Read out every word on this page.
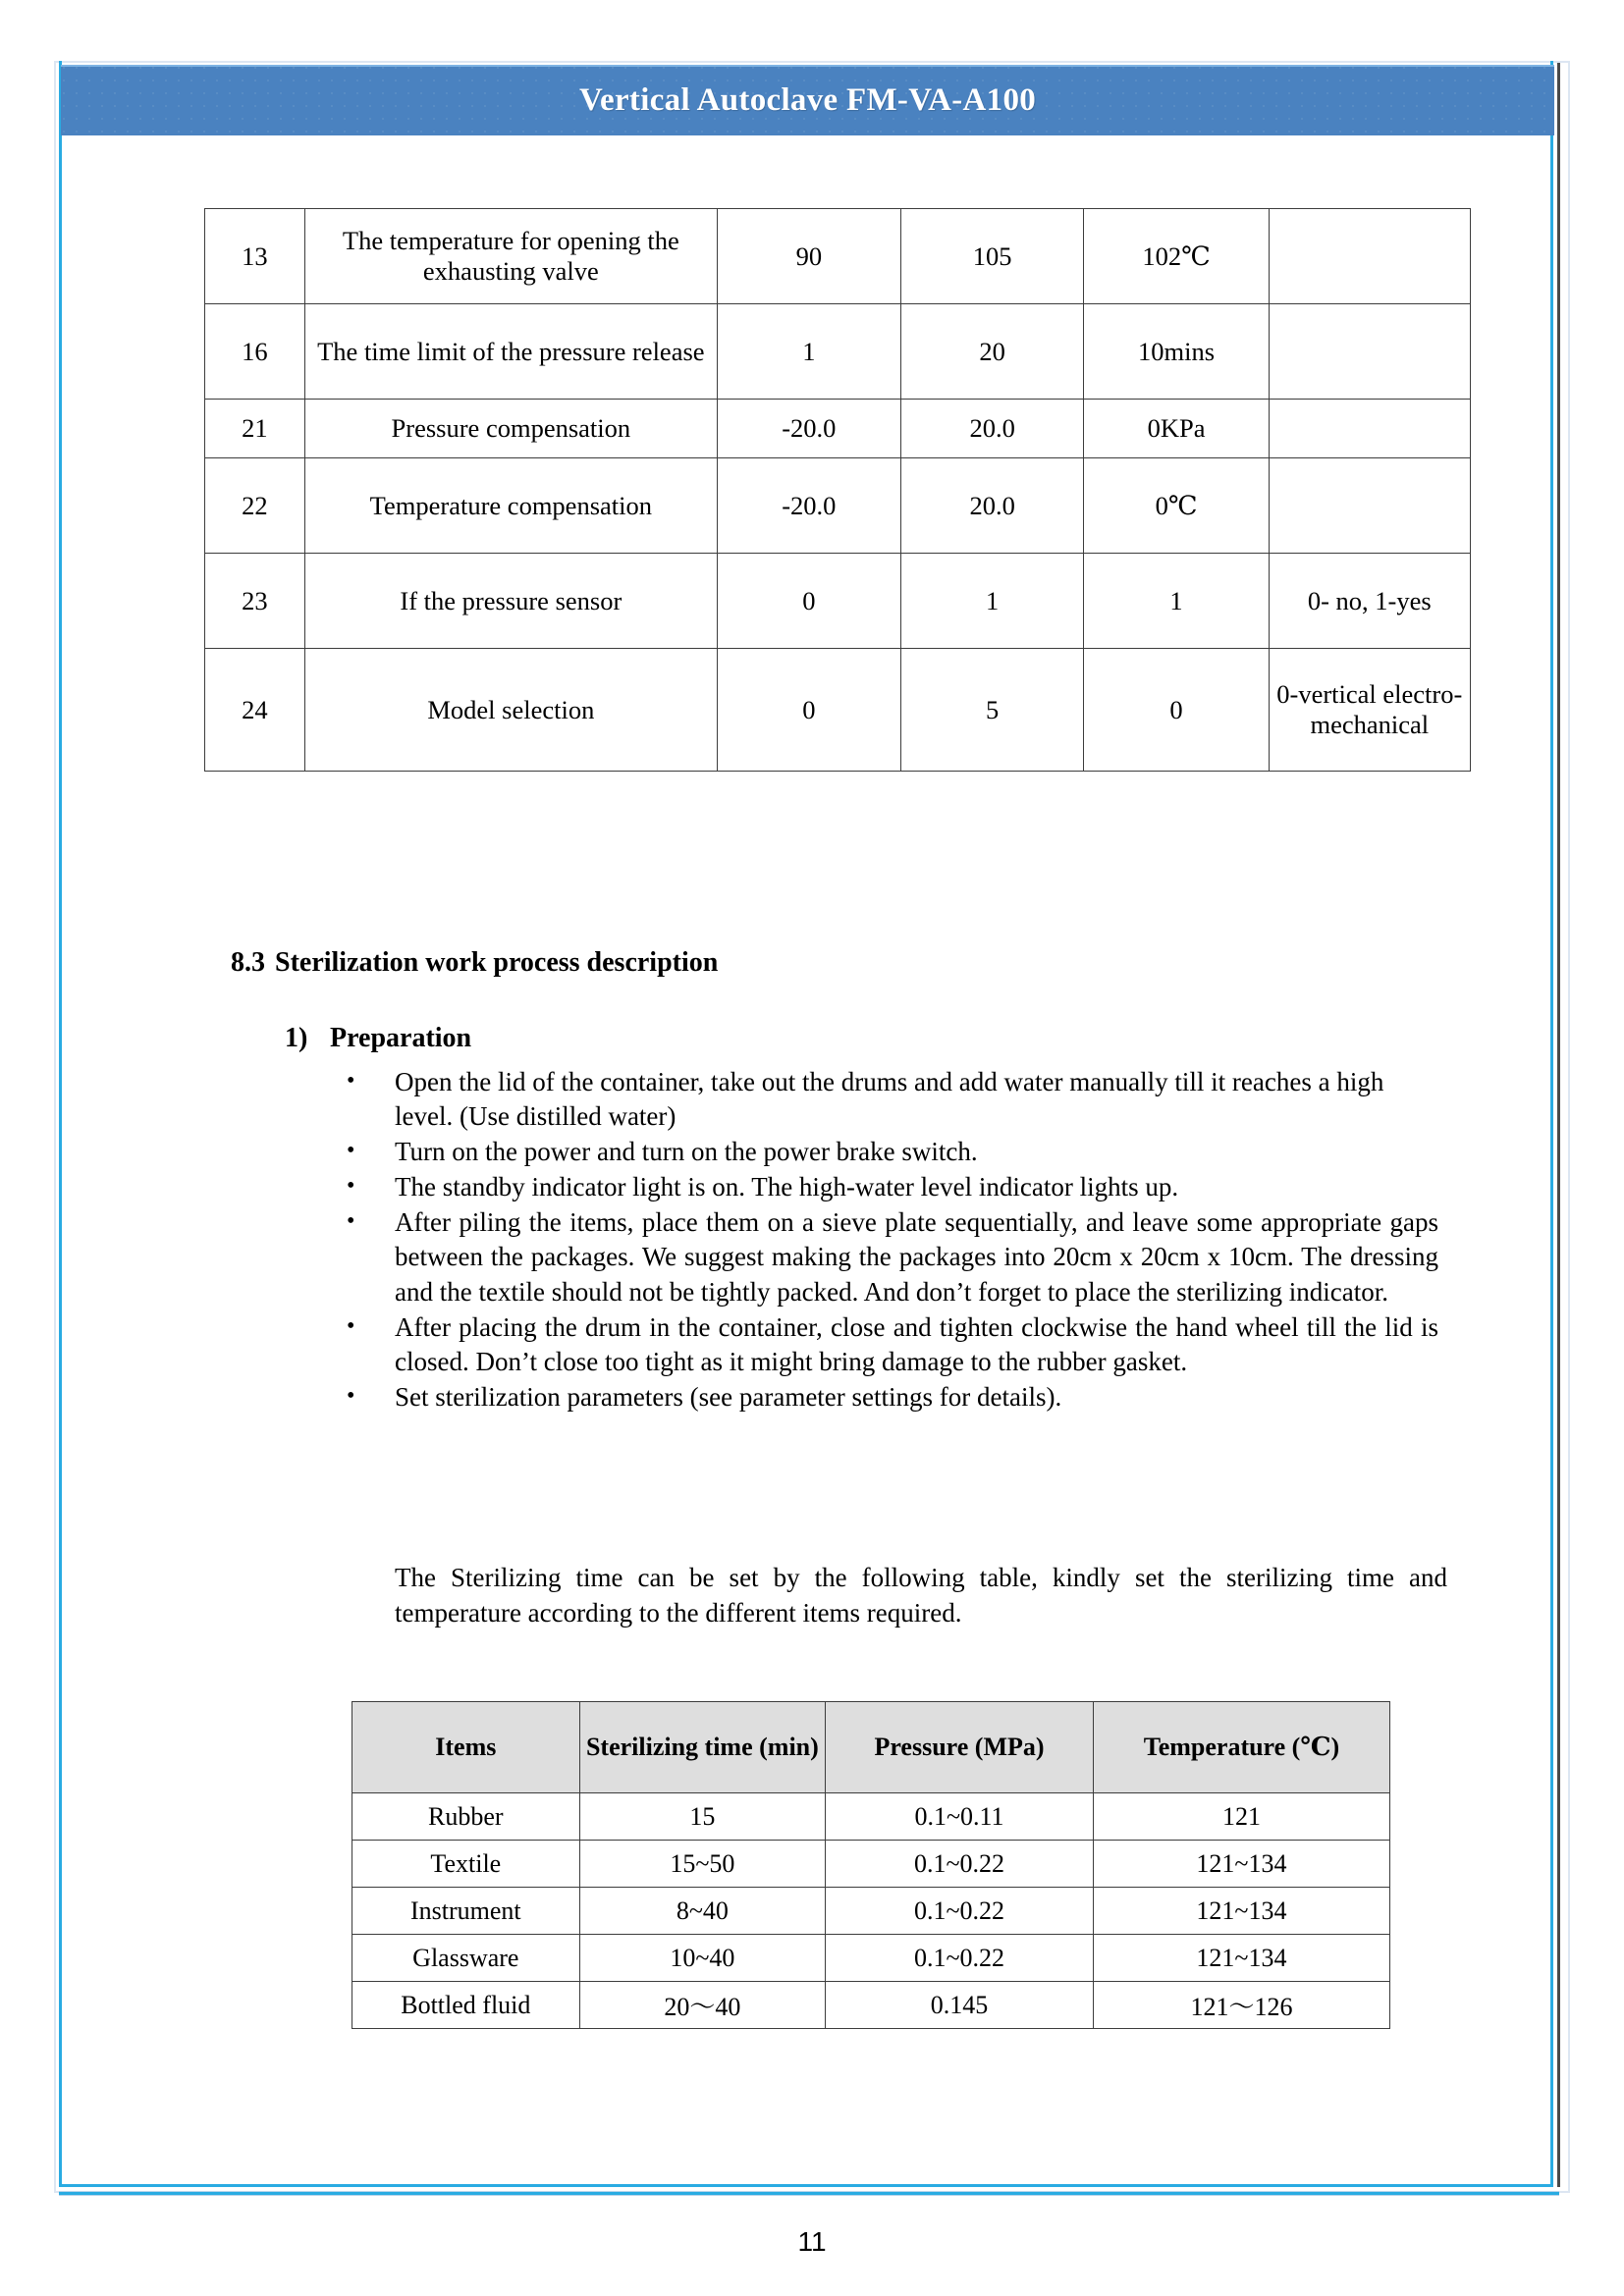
Vertical Autoclave FM-VA-A100
13	The temperature for opening the exhausting valve	90	105	102℃	
16	The time limit of the pressure release	1	20	10mins	
21	Pressure compensation	-20.0	20.0	0KPa	
22	Temperature compensation	-20.0	20.0	0℃	
23	If the pressure sensor	0	1	1	0- no, 1-yes
24	Model selection	0	5	0	0-vertical electro-mechanical
8.3 Sterilization work process description
1) Preparation
• Open the lid of the container, take out the drums and add water manually till it reaches a high level. (Use distilled water)
• Turn on the power and turn on the power brake switch.
• The standby indicator light is on. The high-water level indicator lights up.
• After piling the items, place them on a sieve plate sequentially, and leave some appropriate gaps between the packages. We suggest making the packages into 20cm x 20cm x 10cm. The dressing and the textile should not be tightly packed. And don’t forget to place the sterilizing indicator.
• After placing the drum in the container, close and tighten clockwise the hand wheel till the lid is closed. Don’t close too tight as it might bring damage to the rubber gasket.
• Set sterilization parameters (see parameter settings for details).
The Sterilizing time can be set by the following table, kindly set the sterilizing time and temperature according to the different items required.
Items	Sterilizing time (min)	Pressure (MPa)	Temperature (℃)
Rubber	15	0.1~0.11	121
Textile	15~50	0.1~0.22	121~134
Instrument	8~40	0.1~0.22	121~134
Glassware	10~40	0.1~0.22	121~134
Bottled fluid	20～40	0.145	121～126
11
